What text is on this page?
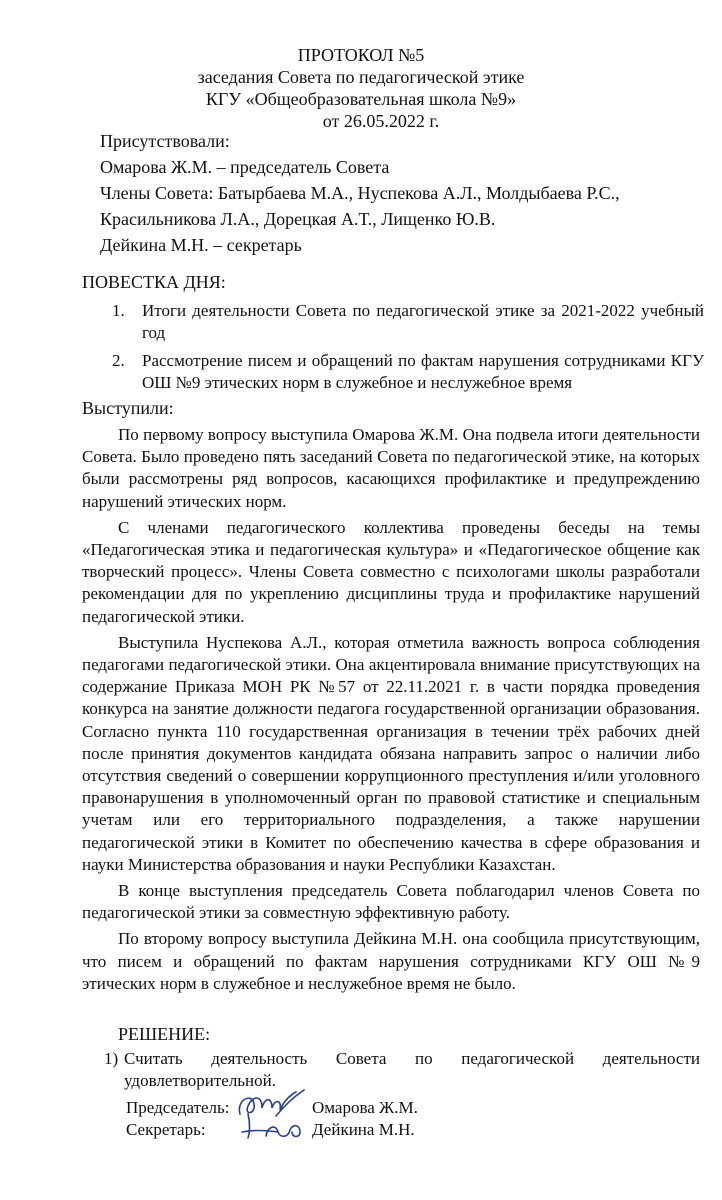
ПРОТОКОЛ №5
заседания Совета по педагогической этике
КГУ «Общеобразовательная школа №9»
от 26.05.2022 г.
Присутствовали:
Омарова Ж.М. – председатель Совета
Члены Совета: Батырбаева М.А., Нуспекова А.Л., Молдыбаева Р.С.,
Красильникова Л.А., Дорецкая А.Т., Лищенко Ю.В.
Дейкина М.Н. – секретарь
ПОВЕСТКА ДНЯ:
1. Итоги деятельности Совета по педагогической этике за 2021-2022 учебный год
2. Рассмотрение писем и обращений по фактам нарушения сотрудниками КГУ ОШ №9 этических норм в служебное и неслужебное время
Выступили:

По первому вопросу выступила Омарова Ж.М. Она подвела итоги деятельности Совета. Было проведено пять заседаний Совета по педагогической этике, на которых были рассмотрены ряд вопросов, касающихся профилактике и предупреждению нарушений этических норм.

С членами педагогического коллектива проведены беседы на темы «Педагогическая этика и педагогическая культура» и «Педагогическое общение как творческий процесс». Члены Совета совместно с психологами школы разработали рекомендации для по укреплению дисциплины труда и профилактике нарушений педагогической этики.

Выступила Нуспекова А.Л., которая отметила важность вопроса соблюдения педагогами педагогической этики. Она акцентировала внимание присутствующих на содержание Приказа МОН РК №57 от 22.11.2021 г. в части порядка проведения конкурса на занятие должности педагога государственной организации образования. Согласно пункта 110 государственная организация в течении трёх рабочих дней после принятия документов кандидата обязана направить запрос о наличии либо отсутствия сведений о совершении коррупционного преступления и/или уголовного правонарушения в уполномоченный орган по правовой статистике и специальным учетам или его территориального подразделения, а также нарушении педагогической этики в Комитет по обеспечению качества в сфере образования и науки Министерства образования и науки Республики Казахстан.

В конце выступления председатель Совета поблагодарил членов Совета по педагогической этики за совместную эффективную работу.

По второму вопросу выступила Дейкина М.Н. она сообщила присутствующим, что писем и обращений по фактам нарушения сотрудниками КГУ ОШ №9 этических норм в служебное и неслужебное время не было.

РЕШЕНИЕ:
1) Считать деятельность Совета по педагогической деятельности удовлетворительной.
Председатель:	Омарова Ж.М.
Секретарь:	Дейкина М.Н.
